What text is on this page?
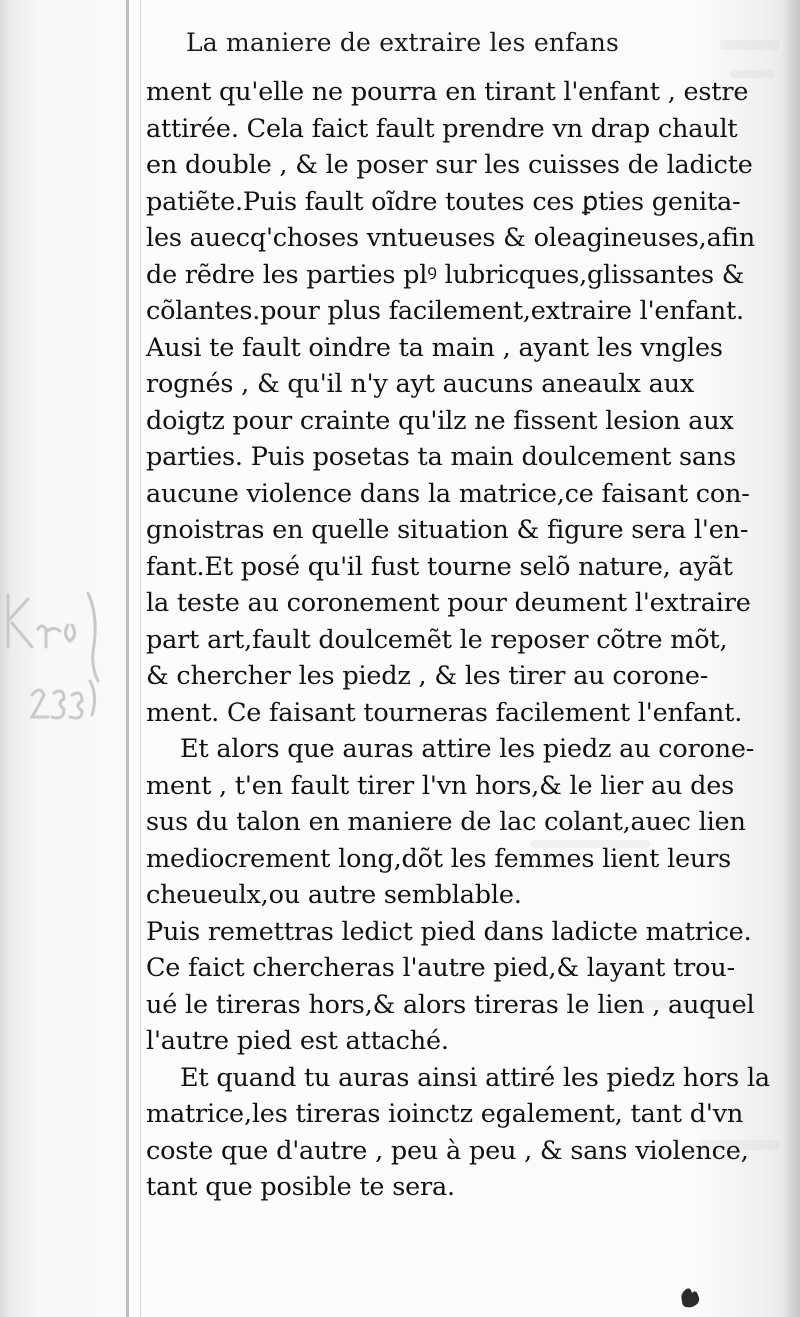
La maniere de extraire les enfans
ment qu'elle ne pourra en tirant l'enfant , estre
attirée. Cela faict fault prendre vn drap chault
en double , & le poser sur les cuisses de ladicte
patiẽte.Puis fault oĩdre toutes ces ꝑties genita-
les auecq'choses vntueuses & oleagineuses,afin
de rẽdre les parties plꝰ lubricques,glissantes &
cõlantes.pour plus facilement,extraire l'enfant.
Ausi te fault oindre ta main , ayant les vngles
rognés , & qu'il n'y ayt aucuns aneaulx aux
doigtz pour crainte qu'ilz ne fissent lesion aux
parties. Puis posetas ta main doulcement sans
aucune violence dans la matrice,ce faisant con-
gnoistras en quelle situation & figure sera l'en-
fant.Et posé qu'il fust tourne selõ nature, ayãt
la teste au coronement pour deument l'extraire
part art,fault doulcemẽt le reposer cõtre mõt,
& chercher les piedz , & les tirer au corone-
ment. Ce faisant tourneras facilement l'enfant.
Et alors que auras attire les piedz au corone-
ment , t'en fault tirer l'vn hors,& le lier au des
sus du talon en maniere de lac colant,auec lien
mediocrement long,dõt les femmes lient leurs
cheueulx,ou autre semblable.
Puis remettras ledict pied dans ladicte matrice.
Ce faict chercheras l'autre pied,& layant trou-
ué le tireras hors,& alors tireras le lien , auquel
l'autre pied est attaché.
Et quand tu auras ainsi attiré les piedz hors la
matrice,les tireras ioinctz egalement, tant d'vn
coste que d'autre , peu à peu , & sans violence,
tant que posible te sera.
